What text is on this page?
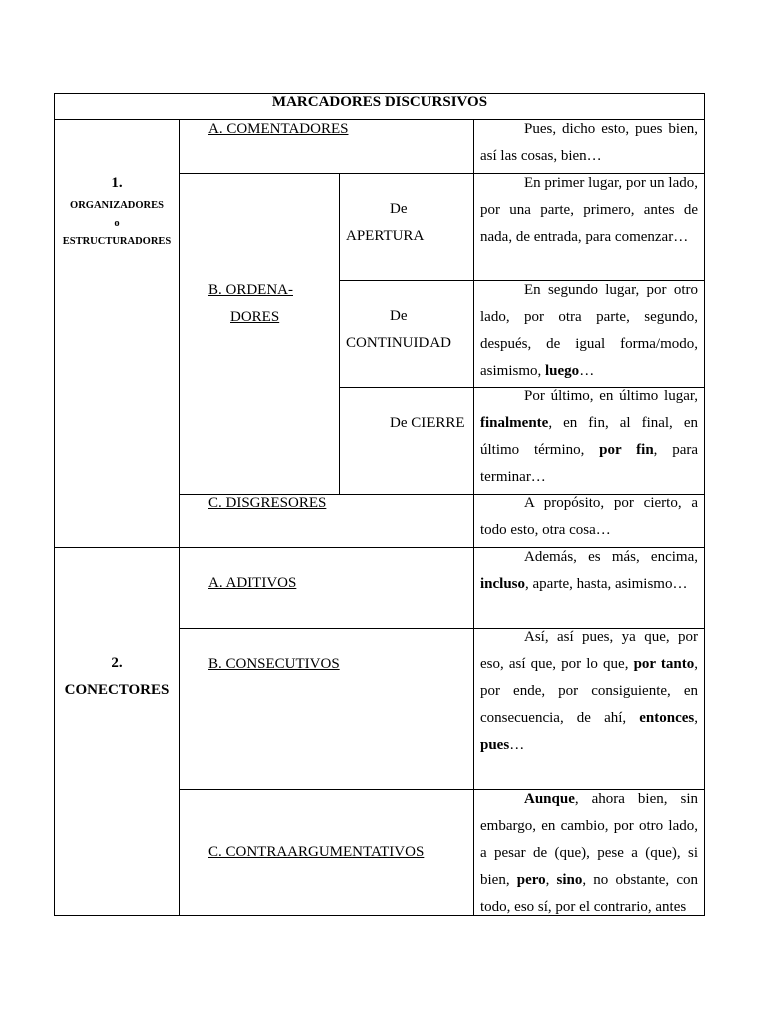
MARCADORES DISCURSIVOS
1.
ORGANIZADORES
o
ESTRUCTURADORES
A. COMENTADORES	Pues, dicho esto, pues bien, así las cosas, bien…
B. ORDENA-
DORES
De
APERTURA
En primer lugar, por un lado, por una parte, primero, antes de nada, de entrada, para comenzar…
De
CONTINUIDAD
En segundo lugar, por otro lado, por otra parte, segundo, después, de igual forma/modo, asimismo, luego…
De CIERRE
Por último, en último lugar, finalmente, en fin, al final, en último término, por fin, para terminar…
C. DISGRESORES	A propósito, por cierto, a todo esto, otra cosa…
2.
CONECTORES
A. ADITIVOS
Además, es más, encima, incluso, aparte, hasta, asimismo…
B. CONSECUTIVOS
Así, así pues, ya que, por eso, así que, por lo que, por tanto, por ende, por consiguiente, en consecuencia, de ahí, entonces, pues…
C. CONTRAARGUMENTATIVOS
Aunque, ahora bien, sin embargo, en cambio, por otro lado, a pesar de (que), pese a (que), si bien, pero, sino, no obstante, con todo, eso sí, por el contrario, antes
